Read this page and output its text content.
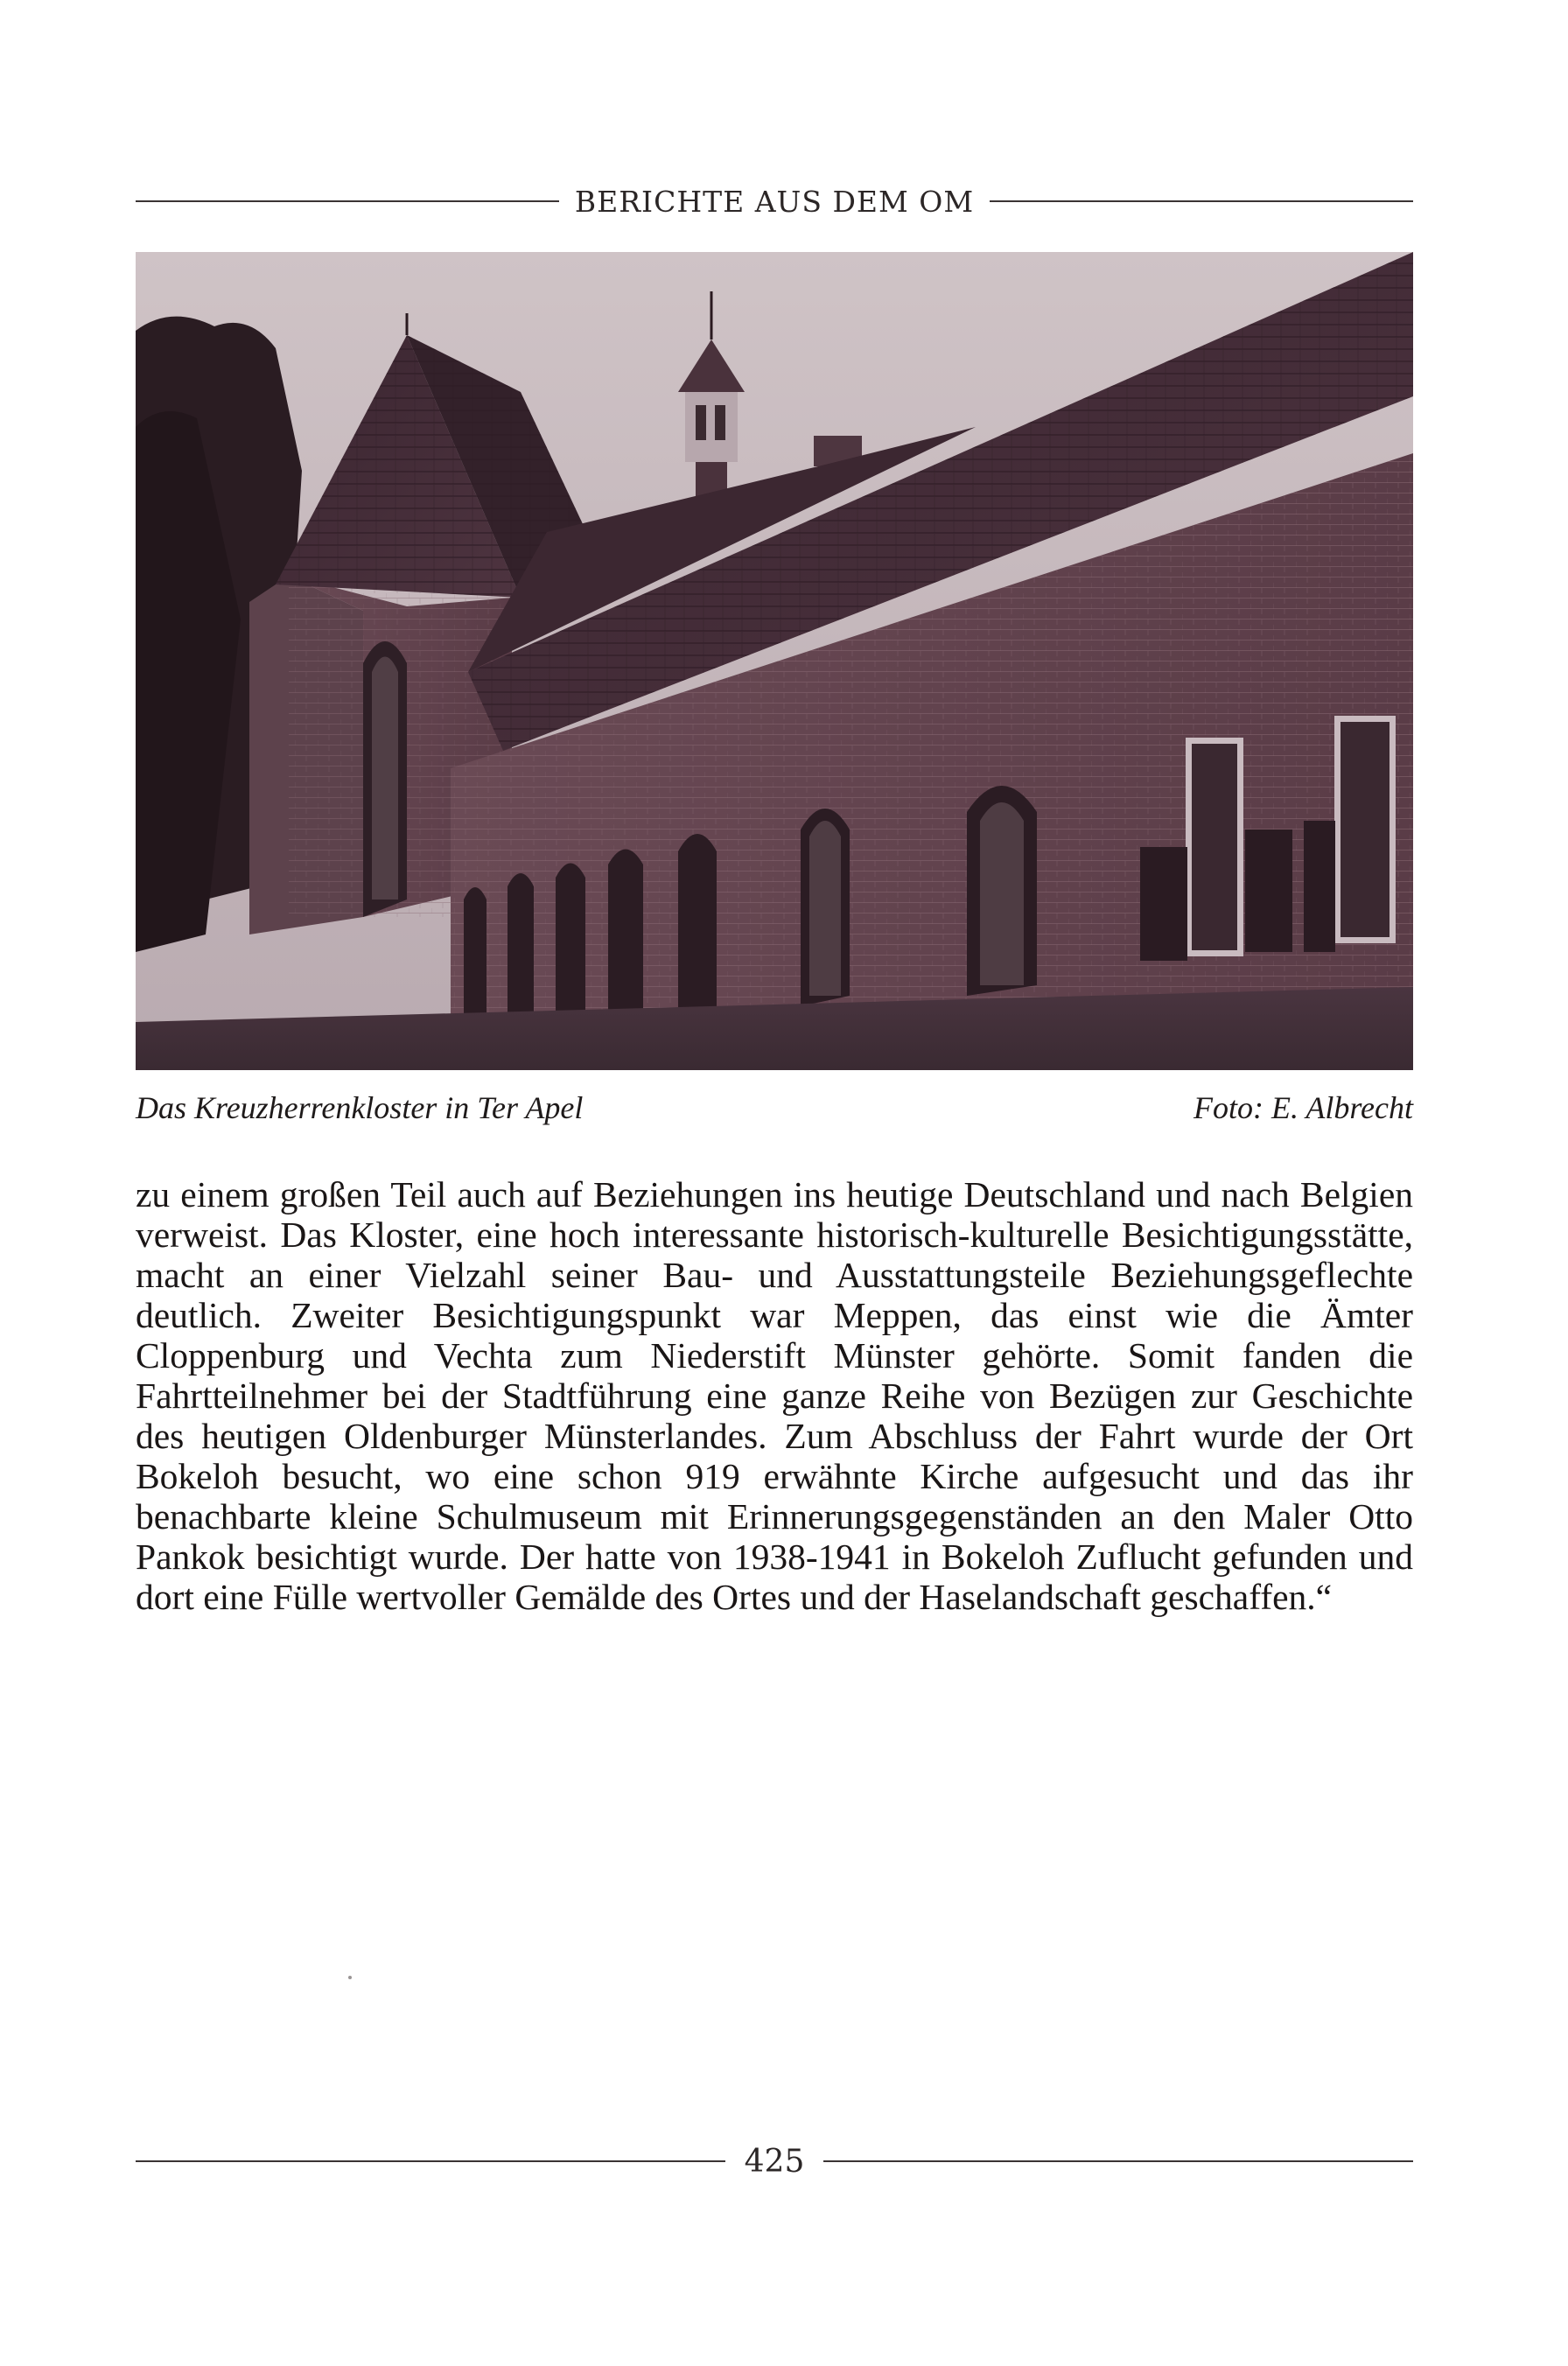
BERICHTE AUS DEM OM
Das Kreuzherrenkloster in Ter Apel	Foto: E. Albrecht

zu einem großen Teil auch auf Beziehungen ins heutige Deutschland und nach Belgien verweist. Das Kloster, eine hoch interessante historisch-kulturelle Besichtigungsstätte, macht an einer Vielzahl seiner Bau- und Ausstattungsteile Beziehungsgeflechte deutlich. Zweiter Besichtigungspunkt war Meppen, das einst wie die Ämter Cloppenburg und Vechta zum Niederstift Münster gehörte. Somit fanden die Fahrtteilnehmer bei der Stadtführung eine ganze Reihe von Bezügen zur Geschichte des heutigen Oldenburger Münsterlandes. Zum Abschluss der Fahrt wurde der Ort Bokeloh besucht, wo eine schon 919 erwähnte Kirche aufgesucht und das ihr benachbarte kleine Schulmuseum mit Erinnerungsgegenständen an den Maler Otto Pankok besichtigt wurde. Der hatte von 1938-1941 in Bokeloh Zuflucht gefunden und dort eine Fülle wertvoller Gemälde des Ortes und der Haselandschaft geschaffen.“

425
